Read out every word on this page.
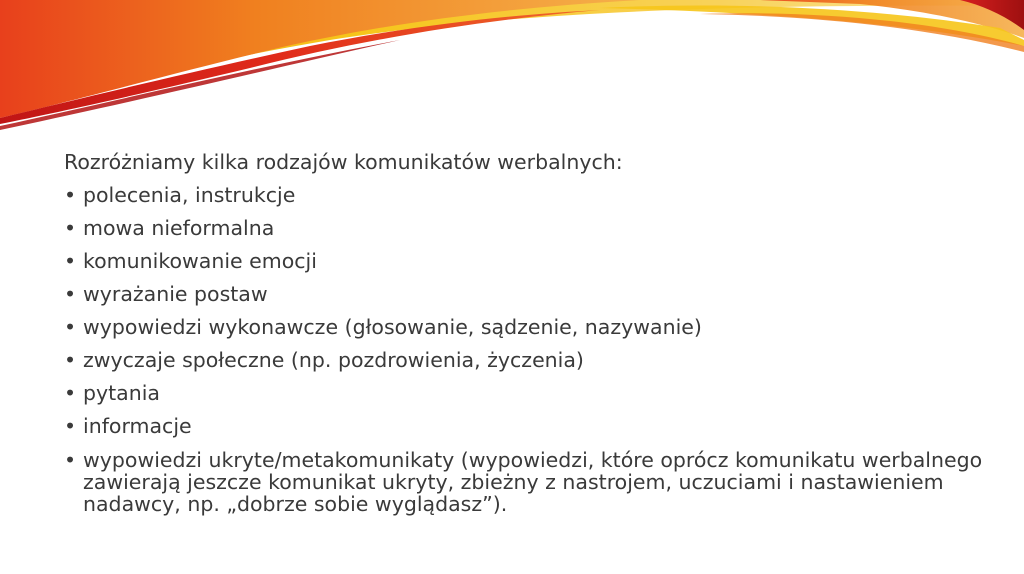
Rozróżniamy kilka rodzajów komunikatów werbalnych:

• polecenia, instrukcje
• mowa nieformalna
• komunikowanie emocji
• wyrażanie postaw
• wypowiedzi wykonawcze (głosowanie, sądzenie, nazywanie)
• zwyczaje społeczne (np. pozdrowienia, życzenia)
• pytania
• informacje
• wypowiedzi ukryte/metakomunikaty (wypowiedzi, które oprócz komunikatu werbalnego zawierają jeszcze komunikat ukryty, zbieżny z nastrojem, uczuciami i nastawieniem nadawcy, np. „dobrze sobie wyglądasz”).
